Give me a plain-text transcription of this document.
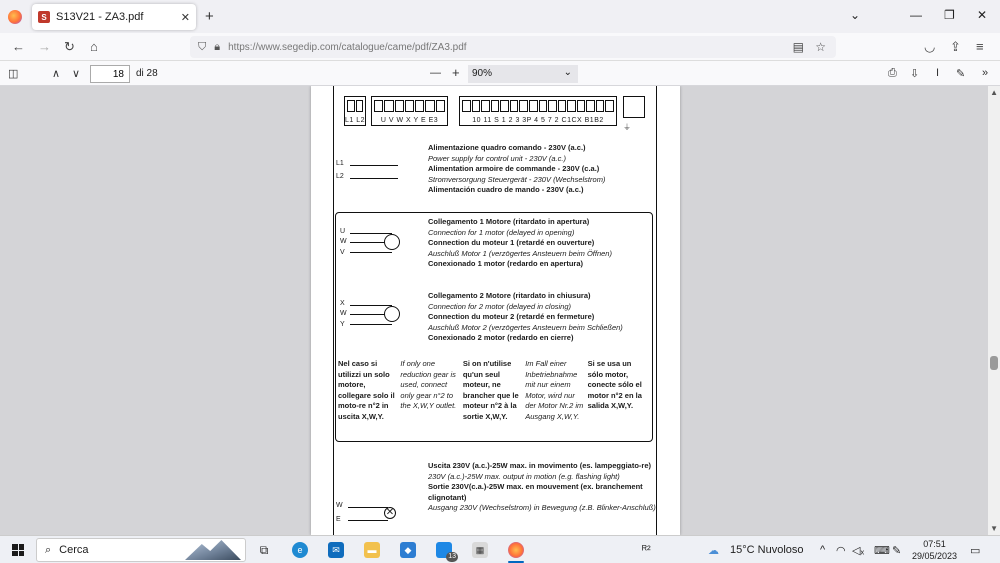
S S13V21 - ZA3.pdf	✕ +	⌄	— ❐ ✕
← → ↻ ⌂	⛉ 🔒︎ https://www.segedip.com/catalogue/came/pdf/ZA3.pdf	▤ ☆	◡ ⇪ ≡
◫	∧ ∨
18	di 28	— +	90%	⌄	⎙ ⇩ Ι ✎ »
L1 L2	U V W X Y E E3	10 11 S 1 2 3 3P 4 5 7 2 C1CX B1B2
⏚
L1
L2
Alimentazione quadro comando - 230V (a.c.)
Power supply for control unit - 230V (a.c.)
Alimentation armoire de commande - 230V (c.a.)
Stromversorgung Steuergerät - 230V (Wechselstrom)
Alimentación cuadro de mando - 230V (a.c.)
U
W
V
Collegamento 1 Motore (ritardato in apertura)
Connection for 1 motor (delayed in opening)
Connection du moteur 1 (retardé en ouverture)
Auschluß Motor 1 (verzögertes Ansteuern beim Öffnen)
Conexionado 1 motor (redardo en apertura)
X
W
Y
Collegamento 2 Motore (ritardato in chiusura)
Connection for 2 motor (delayed in closing)
Connection du moteur 2 (retardé en fermeture)
Auschluß Motor 2 (verzögertes Ansteuern beim Schließen)
Conexionado 2 motor (redardo en cierre)
Nel caso si utilizzi un solo motore, collegare solo il moto-re n°2 in uscita X,W,Y.
If only one reduction gear is used, connect only gear n°2 to the X,W,Y outlet.
Si on n'utilise qu'un seul moteur, ne brancher que le moteur n°2 à la sortie X,W,Y.
Im Fall einer Inbetriebnahme mit nur einem Motor, wird nur der Motor Nr.2 im Ausgang X,W,Y.
Si se usa un sólo motor, conecte sólo el motor n°2 en la salida X,W,Y.
W
E
✕
Uscita 230V (a.c.)-25W max. in movimento (es. lampeggiato-re)
230V (a.c.)-25W max. output in motion (e.g. flashing light)
Sortie 230V(c.a.)-25W max. en mouvement (ex. branchement clignotant)
Ausgang 230V (Wechselstrom) in Bewegung (z.B. Blinker-Anschluß)
▲
▼
⌕ Cerca	⧉	e	✉	▬	◆
13
▦	ᴿ²	☁ 15°C Nuvoloso ^ ◠ ◁ₓ ⌨ ✎
07:51
29/05/2023 ▭
